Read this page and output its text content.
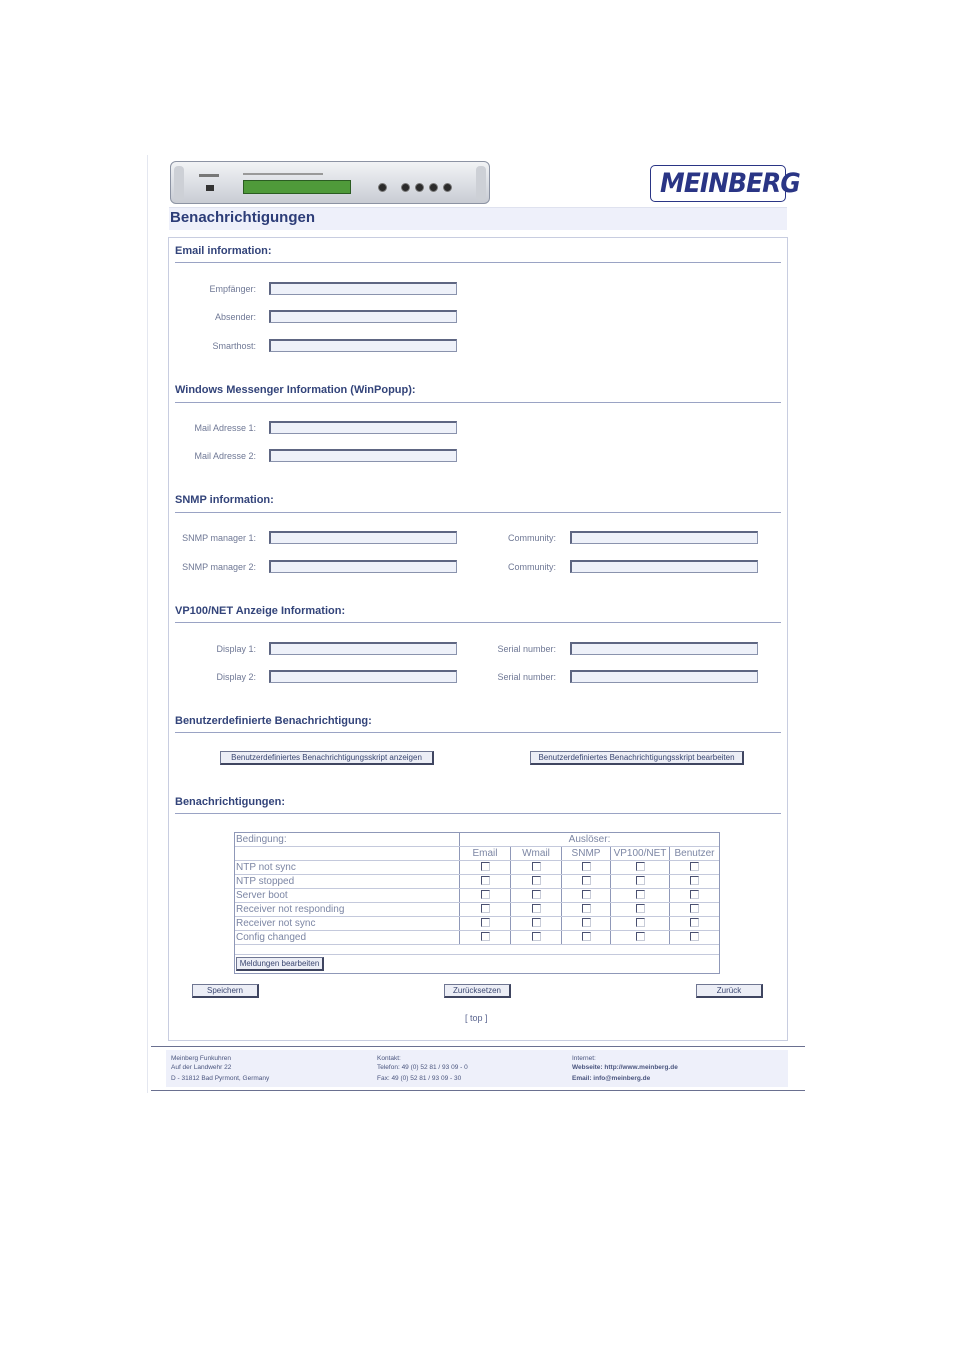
MEINBERG
Benachrichtigungen
Email information:
Empfänger:
Absender:
Smarthost:
Windows Messenger Information (WinPopup):
Mail Adresse 1:
Mail Adresse 2:
SNMP information:
SNMP manager 1:	Community:
SNMP manager 2:	Community:
VP100/NET Anzeige Information:
Display 1:	Serial number:
Display 2:	Serial number:
Benutzerdefinierte Benachrichtigung:
Benutzerdefiniertes Benachrichtigungsskript anzeigen	Benutzerdefiniertes Benachrichtigungsskript bearbeiten
Benachrichtigungen:
Bedingung:	Auslöser:				
	Email	Wmail	SNMP	VP100/NET	Benutzer
NTP not sync					
NTP stopped					
Server boot					
Receiver not responding					
Receiver not sync					
Config changed					

Meldungen bearbeiten					
Speichern	Zurücksetzen	Zurück
[ top ]
Meinberg Funkuhren
Auf der Landwehr 22
D - 31812 Bad Pyrmont, Germany
Kontakt:
Telefon: 49 (0) 52 81 / 93 09 - 0
Fax: 49 (0) 52 81 / 93 09 - 30
Internet:
Webseite: http://www.meinberg.de
Email: info@meinberg.de
